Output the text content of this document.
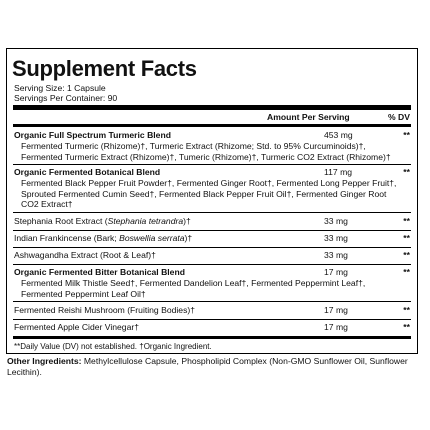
Supplement Facts
Serving Size: 1 Capsule
Servings Per Container: 90
Amount Per Serving	% DV
Organic Full Spectrum Turmeric Blend	453 mg	**
Fermented Turmeric (Rhizome)†, Turmeric Extract (Rhizome; Std. to 95% Curcuminoids)†,
Fermented Turmeric Extract (Rhizome)†, Tumeric (Rhizome)†, Turmeric CO2 Extract (Rhizome)†
Organic Fermented Botanical Blend	117 mg	**
Fermented Black Pepper Fruit Powder†, Fermented Ginger Root†, Fermented Long Pepper Fruit†,
Sprouted Fermented Cumin Seed†, Fermented Black Pepper Fruit Oil†, Fermented Ginger Root
CO2 Extract†
Stephania Root Extract (Stephania tetrandra)†	33 mg	**
Indian Frankincense (Bark; Boswellia serrata)†	33 mg	**
Ashwagandha Extract (Root & Leaf)†	33 mg	**
Organic Fermented Bitter Botanical Blend	17 mg	**
Fermented Milk Thistle Seed†, Fermented Dandelion Leaf†, Fermented Peppermint Leaf†,
Fermented Peppermint Leaf Oil†
Fermented Reishi Mushroom (Fruiting Bodies)†	17 mg	**
Fermented Apple Cider Vinegar†	17 mg	**
**Daily Value (DV) not established. †Organic Ingredient.
Other Ingredients: Methylcellulose Capsule, Phospholipid Complex (Non-GMO Sunflower Oil, Sunflower Lecithin).
